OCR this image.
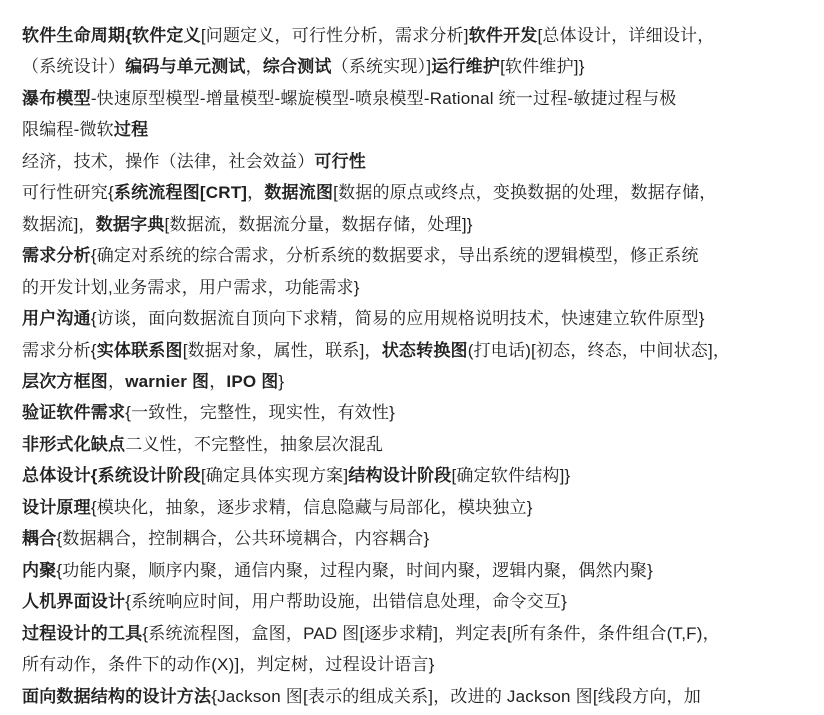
软件生命周期{软件定义[问题定义，可行性分析，需求分析]软件开发[总体设计，详细设计，
（系统设计）编码与单元测试，综合测试（系统实现）]运行维护[软件维护]}
瀑布模型-快速原型模型-增量模型-螺旋模型-喷泉模型-Rational 统一过程-敏捷过程与极
限编程-微软过程
经济，技术，操作（法律，社会效益）可行性
可行性研究{系统流程图[CRT]，数据流图[数据的原点或终点，变换数据的处理，数据存储，
数据流]，数据字典[数据流，数据流分量，数据存储，处理]}
需求分析{确定对系统的综合需求，分析系统的数据要求，导出系统的逻辑模型，修正系统
的开发计划,业务需求，用户需求，功能需求}
用户沟通{访谈，面向数据流自顶向下求精，简易的应用规格说明技术，快速建立软件原型}
需求分析{实体联系图[数据对象，属性，联系]，状态转换图(打电话)[初态，终态，中间状态]，
层次方框图，warnier 图，IPO 图}
验证软件需求{一致性，完整性，现实性，有效性}
非形式化缺点二义性，不完整性，抽象层次混乱
总体设计{系统设计阶段[确定具体实现方案]结构设计阶段[确定软件结构]}
设计原理{模块化，抽象，逐步求精，信息隐藏与局部化，模块独立}
耦合{数据耦合，控制耦合，公共环境耦合，内容耦合}
内聚{功能内聚，顺序内聚，通信内聚，过程内聚，时间内聚，逻辑内聚，偶然内聚}
人机界面设计{系统响应时间，用户帮助设施，出错信息处理，命令交互}
过程设计的工具{系统流程图，盒图，PAD 图[逐步求精]，判定表[所有条件，条件组合(T,F)，
所有动作，条件下的动作(X)]，判定树，过程设计语言}
面向数据结构的设计方法{Jackson 图[表示的组成关系]，改进的 Jackson 图[线段方向，加
